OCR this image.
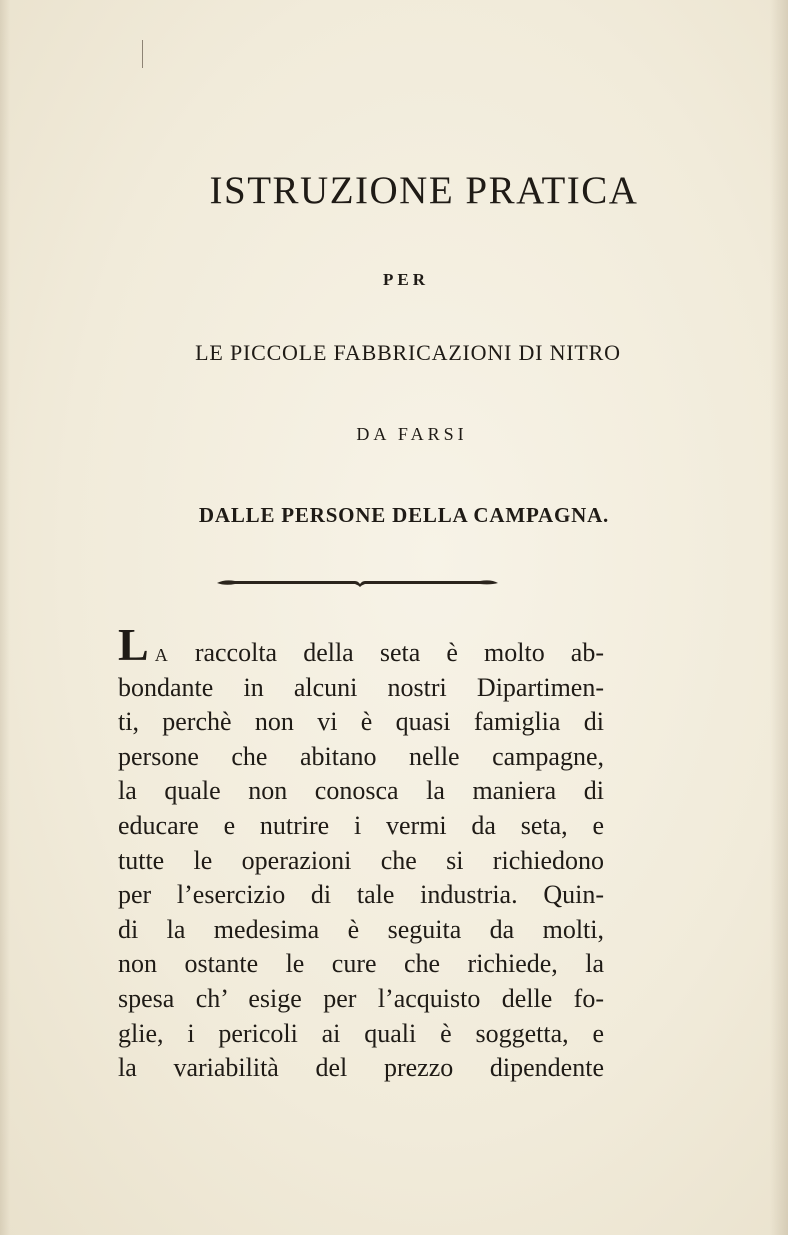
ISTRUZIONE PRATICA
PER
LE PICCOLE FABBRICAZIONI DI NITRO
DA FARSI
DALLE PERSONE DELLA CAMPAGNA.
L A raccolta della seta è molto ab-
bondante in alcuni nostri Dipartimen-
ti, perchè non vi è quasi famiglia di
persone che abitano nelle campagne,
la quale non conosca la maniera di
educare e nutrire i vermi da seta, e
tutte le operazioni che si richiedono
per l’esercizio di tale industria. Quin-
di la medesima è seguita da molti,
non ostante le cure che richiede, la
spesa ch’ esige per l’acquisto delle fo-
glie, i pericoli ai quali è soggetta, e
la variabilità del prezzo dipendente
